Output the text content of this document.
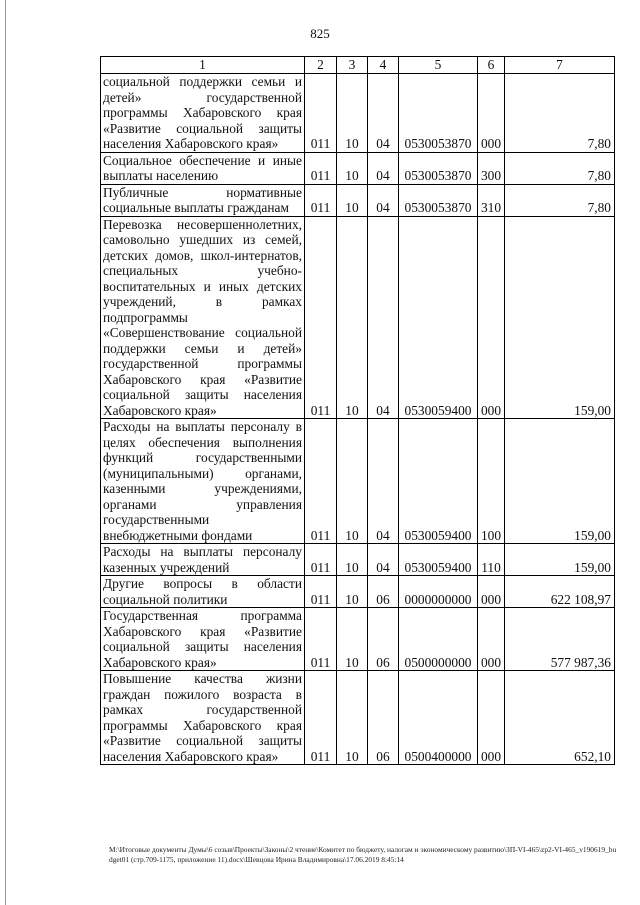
825
1	2	3	4	5	6	7
социальной поддержки семьи и детей» государственной программы Хабаровского края «Развитие социальной защиты населения Хабаровского края»	011	10	04	0530053870	000	7,80
Социальное обеспечение и иные выплаты населению	011	10	04	0530053870	300	7,80
Публичные нормативные социальные выплаты гражданам	011	10	04	0530053870	310	7,80
Перевозка несовершеннолетних, самовольно ушедших из семей, детских домов, школ-интернатов, специальных учебно-воспитательных и иных детских учреждений, в рамках подпрограммы «Совершенствование социальной поддержки семьи и детей» государственной программы Хабаровского края «Развитие социальной защиты населения Хабаровского края»	011	10	04	0530059400	000	159,00
Расходы на выплаты персоналу в целях обеспечения выполнения функций государственными (муниципальными) органами, казенными учреждениями, органами управления государственными внебюджетными фондами	011	10	04	0530059400	100	159,00
Расходы на выплаты персоналу казенных учреждений	011	10	04	0530059400	110	159,00
Другие вопросы в области социальной политики	011	10	06	0000000000	000	622 108,97
Государственная программа Хабаровского края «Развитие социальной защиты населения Хабаровского края»	011	10	06	0500000000	000	577 987,36
Повышение качества жизни граждан пожилого возраста в рамках государственной программы Хабаровского края «Развитие социальной защиты населения Хабаровского края»	011	10	06	0500400000	000	652,10
M:\Итоговые документы Думы\6 созыв\Проекты\Законы\2 чтение\Комитет по бюджету, налогам и экономическому развитию\ЗП-VI-465\zp2-VI-465_v190619_budget01 (стр.709-1175, приложение 11).docx\Шевцова Ирина Владимировна\17.06.2019 8:45:14
